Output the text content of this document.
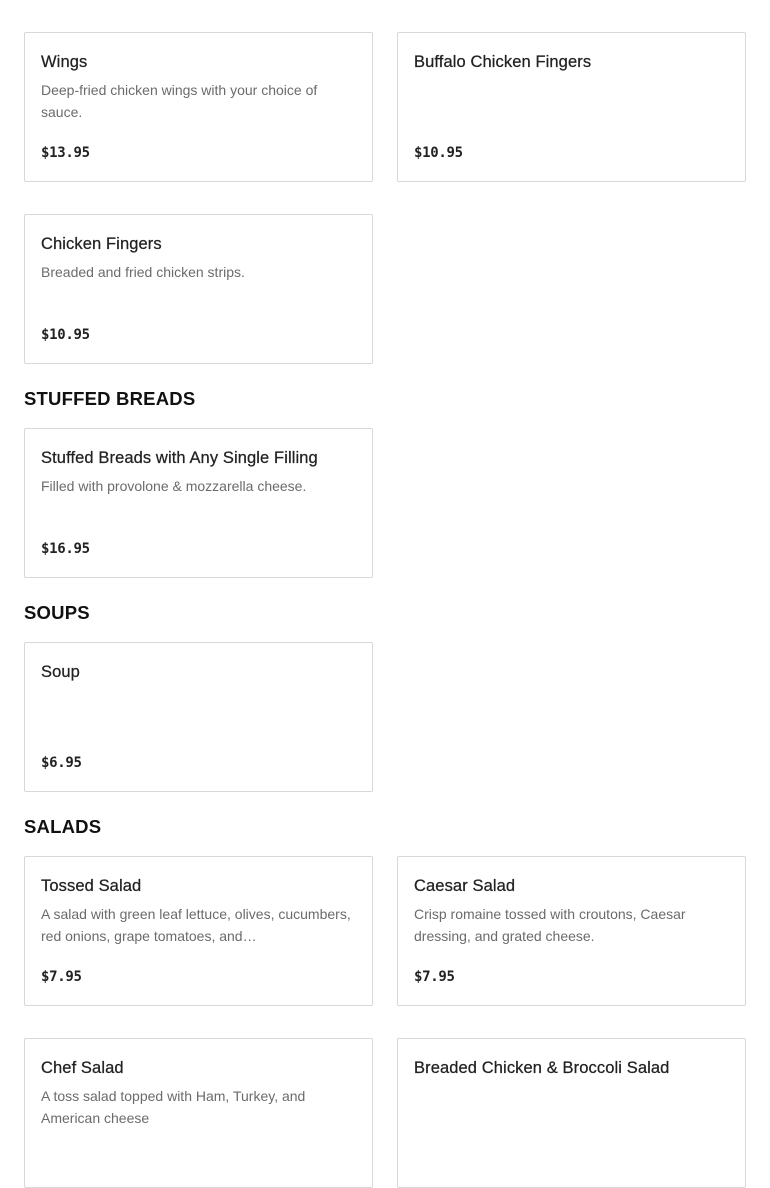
Wings

Deep-fried chicken wings with your choice of sauce.

$13.95
Buffalo Chicken Fingers

$10.95
Chicken Fingers

Breaded and fried chicken strips.

$10.95
STUFFED BREADS
Stuffed Breads with Any Single Filling

Filled with provolone & mozzarella cheese.

$16.95
SOUPS
Soup

$6.95
SALADS
Tossed Salad

A salad with green leaf lettuce, olives, cucumbers, red onions, grape tomatoes, and…

$7.95
Caesar Salad

Crisp romaine tossed with croutons, Caesar dressing, and grated cheese.

$7.95
Chef Salad

A toss salad topped with Ham, Turkey, and American cheese

Breaded Chicken & Broccoli Salad
